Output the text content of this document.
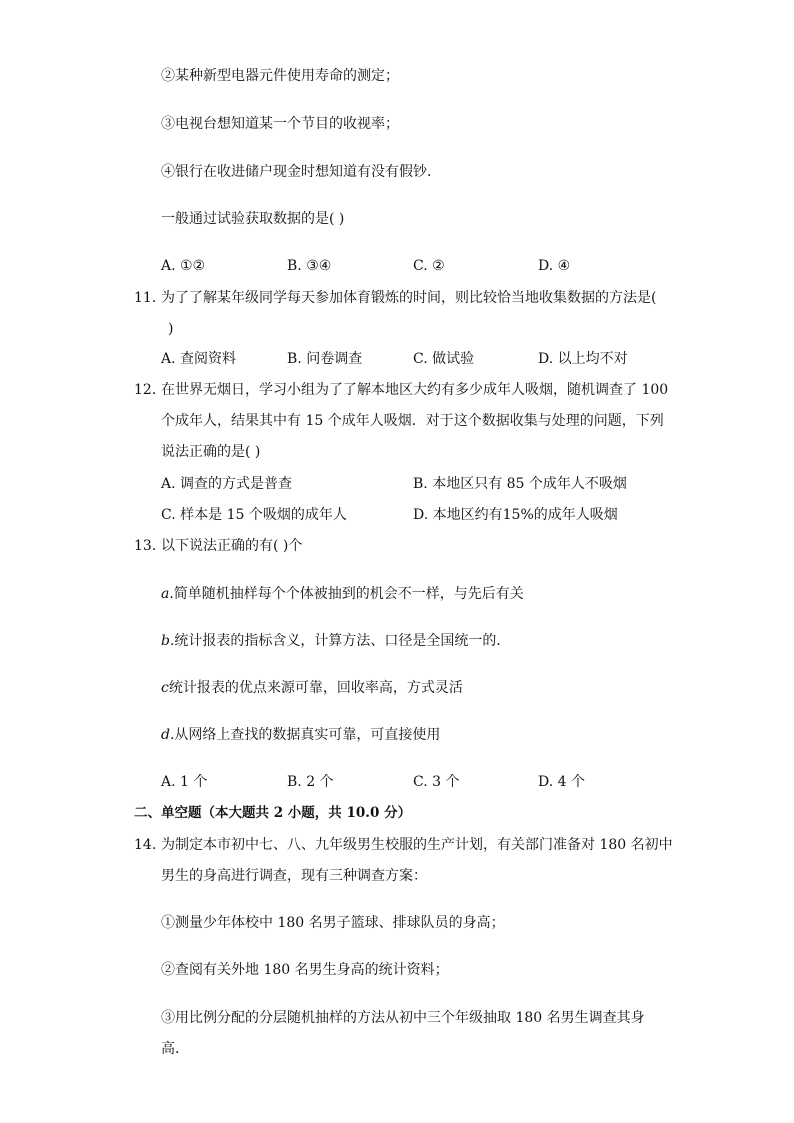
②某种新型电器元件使用寿命的测定；
③电视台想知道某一个节目的收视率；
④银行在收进储户现金时想知道有没有假钞．
一般通过试验获取数据的是( )
A. ①②	B. ③④	C. ②	D. ④
11. 为了了解某年级同学每天参加体育锻炼的时间，则比较恰当地收集数据的方法是(
)
A. 查阅资料	B. 问卷调查	C. 做试验	D. 以上均不对
12. 在世界无烟日，学习小组为了了解本地区大约有多少成年人吸烟，随机调查了 100
个成年人，结果其中有 15 个成年人吸烟．对于这个数据收集与处理的问题，下列
说法正确的是( )
A. 调查的方式是普查	B. 本地区只有 85 个成年人不吸烟
C. 样本是 15 个吸烟的成年人	D. 本地区约有15%的成年人吸烟
13. 以下说法正确的有( )个
a.简单随机抽样每个个体被抽到的机会不一样，与先后有关
b.统计报表的指标含义，计算方法、口径是全国统一的．
c统计报表的优点来源可靠，回收率高，方式灵活
d.从网络上查找的数据真实可靠，可直接使用
A. 1 个	B. 2 个	C. 3 个	D. 4 个
二、单空题（本大题共 2 小题，共 10.0 分）
14. 为制定本市初中七、八、九年级男生校服的生产计划，有关部门准备对 180 名初中
男生的身高进行调查，现有三种调查方案：
①测量少年体校中 180 名男子篮球、排球队员的身高；
②查阅有关外地 180 名男生身高的统计资料；
③用比例分配的分层随机抽样的方法从初中三个年级抽取 180 名男生调查其身
高．
